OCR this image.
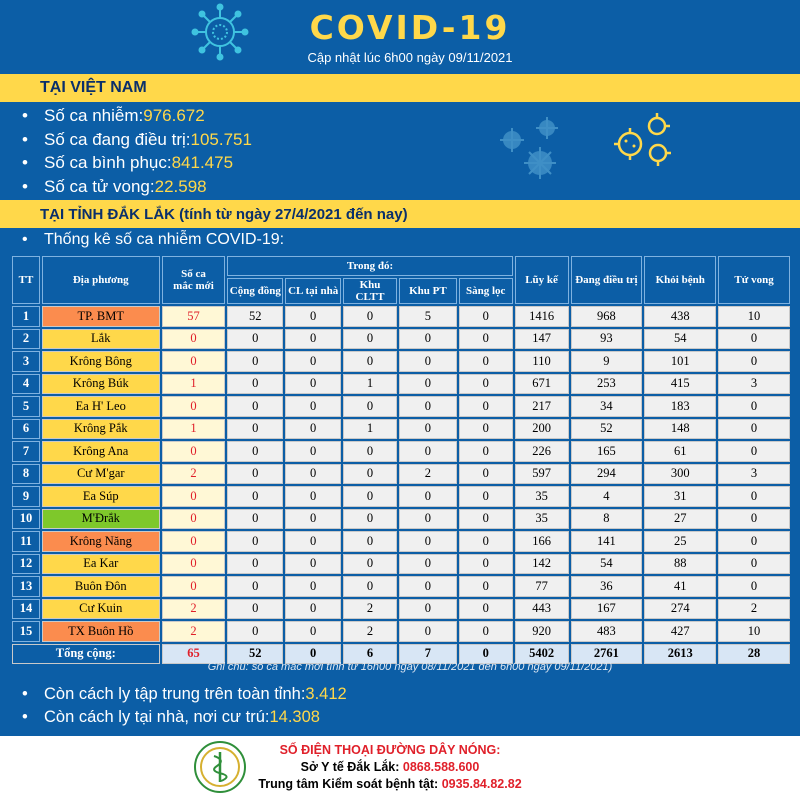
COVID-19
Cập nhật lúc 6h00 ngày 09/11/2021
TẠI VIỆT NAM
• Số ca nhiễm: 976.672
• Số ca đang điều trị: 105.751
• Số ca bình phục: 841.475
• Số ca tử vong: 22.598
TẠI TỈNH ĐẮK LẮK (tính từ ngày 27/4/2021 đến nay)
•	Thống kê số ca nhiễm COVID-19:
TT	Địa phương	Số ca
mắc mới	Trong đó:					Lũy kế	Đang điều trị	Khỏi bệnh	Tử vong
			Cộng đồng	CL tại nhà	Khu CLTT	Khu PT	Sàng lọc				
1	TP. BMT	57	52	0	0	5	0	1416	968	438	10
2	Lắk	0	0	0	0	0	0	147	93	54	0
3	Krông Bông	0	0	0	0	0	0	110	9	101	0
4	Krông Búk	1	0	0	1	0	0	671	253	415	3
5	Ea H' Leo	0	0	0	0	0	0	217	34	183	0
6	Krông Pắk	1	0	0	1	0	0	200	52	148	0
7	Krông Ana	0	0	0	0	0	0	226	165	61	0
8	Cư M'gar	2	0	0	0	2	0	597	294	300	3
9	Ea Súp	0	0	0	0	0	0	35	4	31	0
10	M'Đrắk	0	0	0	0	0	0	35	8	27	0
11	Krông Năng	0	0	0	0	0	0	166	141	25	0
12	Ea Kar	0	0	0	0	0	0	142	54	88	0
13	Buôn Đôn	0	0	0	0	0	0	77	36	41	0
14	Cư Kuin	2	0	0	2	0	0	443	167	274	2
15	TX Buôn Hồ	2	0	0	2	0	0	920	483	427	10
Tổng cộng:		65	52	0	6	7	0	5402	2761	2613	28
Ghi chú: số ca mắc mới tính từ 16h00 ngày 08/11/2021 đến 6h00 ngày 09/11/2021)
• Còn cách ly tập trung trên toàn tỉnh: 3.412
• Còn cách ly tại nhà, nơi cư trú: 14.308
SỐ ĐIỆN THOẠI ĐƯỜNG DÂY NÓNG:
Sở Y tế Đắk Lắk: 0868.588.600
Trung tâm Kiểm soát bệnh tật: 0935.84.82.82
